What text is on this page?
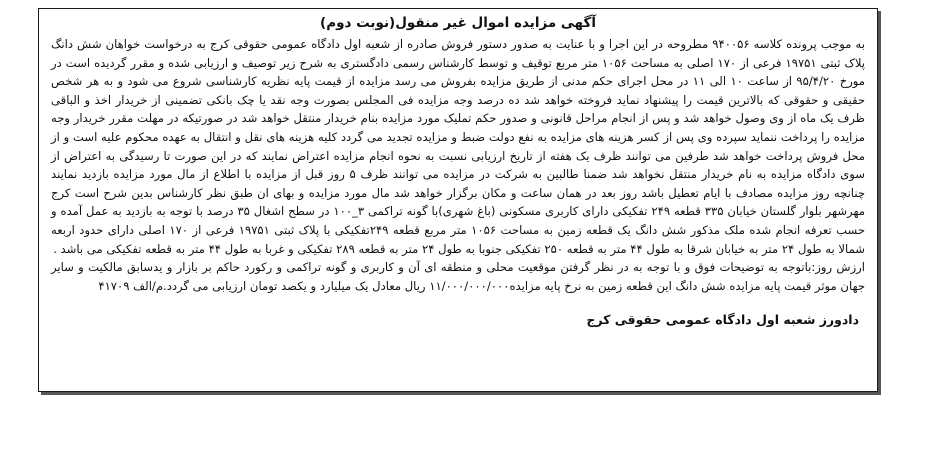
آگهی مزایده اموال غیر منقول(نوبت دوم)

به موجب پرونده کلاسه ۹۴۰۰۵۶ مطروحه در این اجرا و با عنایت به صدور دستور فروش صادره از شعبه اول دادگاه عمومی حقوقی کرج به درخواست خواهان شش دانگ پلاک ثبتی ۱۹۷۵۱ فرعی از ۱۷۰ اصلی به مساحت ۱۰۵۶ متر مربع توقیف و توسط کارشناس رسمی دادگستری به شرح زیر توصیف و ارزیابی شده و مقرر گردیده است در مورخ ۹۵/۴/۲۰ از ساعت ۱۰ الی ۱۱ در محل اجرای حکم مدنی از طریق مزایده بفروش می رسد مزایده از قیمت پایه نظریه کارشناسی شروع می شود و به هر شخص حقیقی و حقوقی که بالاترین قیمت را پیشنهاد نماید فروخته خواهد شد ده درصد وجه مزایده فی المجلس بصورت وجه نقد یا چک بانکی تضمینی از خریدار اخذ و الباقی ظرف یک ماه از وی وصول خواهد شد و پس از انجام مراحل قانونی و صدور حکم تملیک مورد مزایده بنام خریدار منتقل خواهد شد در صورتیکه در مهلت مقرر خریدار وجه مزایده را پرداخت ننماید سپرده وی پس از کسر هزینه های مزایده به نفع دولت ضبط و مزایده تجدید می گردد کلیه هزینه های نقل و انتقال به عهده محکوم علیه است و از محل فروش پرداخت خواهد شد طرفین می توانند ظرف یک هفته از تاریخ ارزیابی نسبت به نحوه انجام مزایده اعتراض نمایند که در این صورت تا رسیدگی به اعتراض از سوی دادگاه مزایده به نام خریدار منتقل نخواهد شد ضمنا طالبین به شرکت در مزایده می توانند ظرف ۵ روز قبل از مزایده با اطلاع از مال مورد مزایده بازدید نمایند چنانچه روز مزایده مصادف با ایام تعطیل باشد روز بعد در همان ساعت و مکان برگزار خواهد شد مال مورد مزایده و بهای ان طبق نظر کارشناس بدین شرح است کرج مهرشهر بلوار گلستان خیابان ۳۳۵ قطعه ۲۴۹ تفکیکی دارای کاربری مسکونی (باغ شهری)با گونه تراکمی ۳_۱۰۰ در سطح اشغال ۳۵ درصد با توجه به بازدید به عمل آمده و حسب تعرفه انجام شده ملک مذکور شش دانگ یک قطعه زمین به مساحت ۱۰۵۶ متر مربع قطعه ۲۴۹تفکیکی با پلاک ثبتی ۱۹۷۵۱ فرعی از ۱۷۰ اصلی دارای حدود اربعه شمالا به طول ۲۴ متر به خیابان شرقا به طول ۴۴ متر به قطعه ۲۵۰ تفکیکی جنوبا به طول ۲۴ متر به قطعه ۲۸۹ تفکیکی و غربا به طول ۴۴ متر به قطعه تفکیکی می باشد .

ارزش روز:باتوجه به توضیحات فوق و با توجه به در نظر گرفتن موقعیت محلی و منطقه ای آن و کاربری و گونه تراکمی و رکورد حاکم بر بازار و یدسابق مالکیت و سایر جهان موثر قیمت پایه مزایده شش دانگ این قطعه زمین به نرخ پایه مزایده۱۱/۰۰۰/۰۰۰/۰۰۰ ریال معادل یک میلیارد و یکصد تومان ارزیابی می گردد.م/الف ۴۱۷۰۹

دادورز شعبه اول دادگاه عمومی حقوقی کرج
